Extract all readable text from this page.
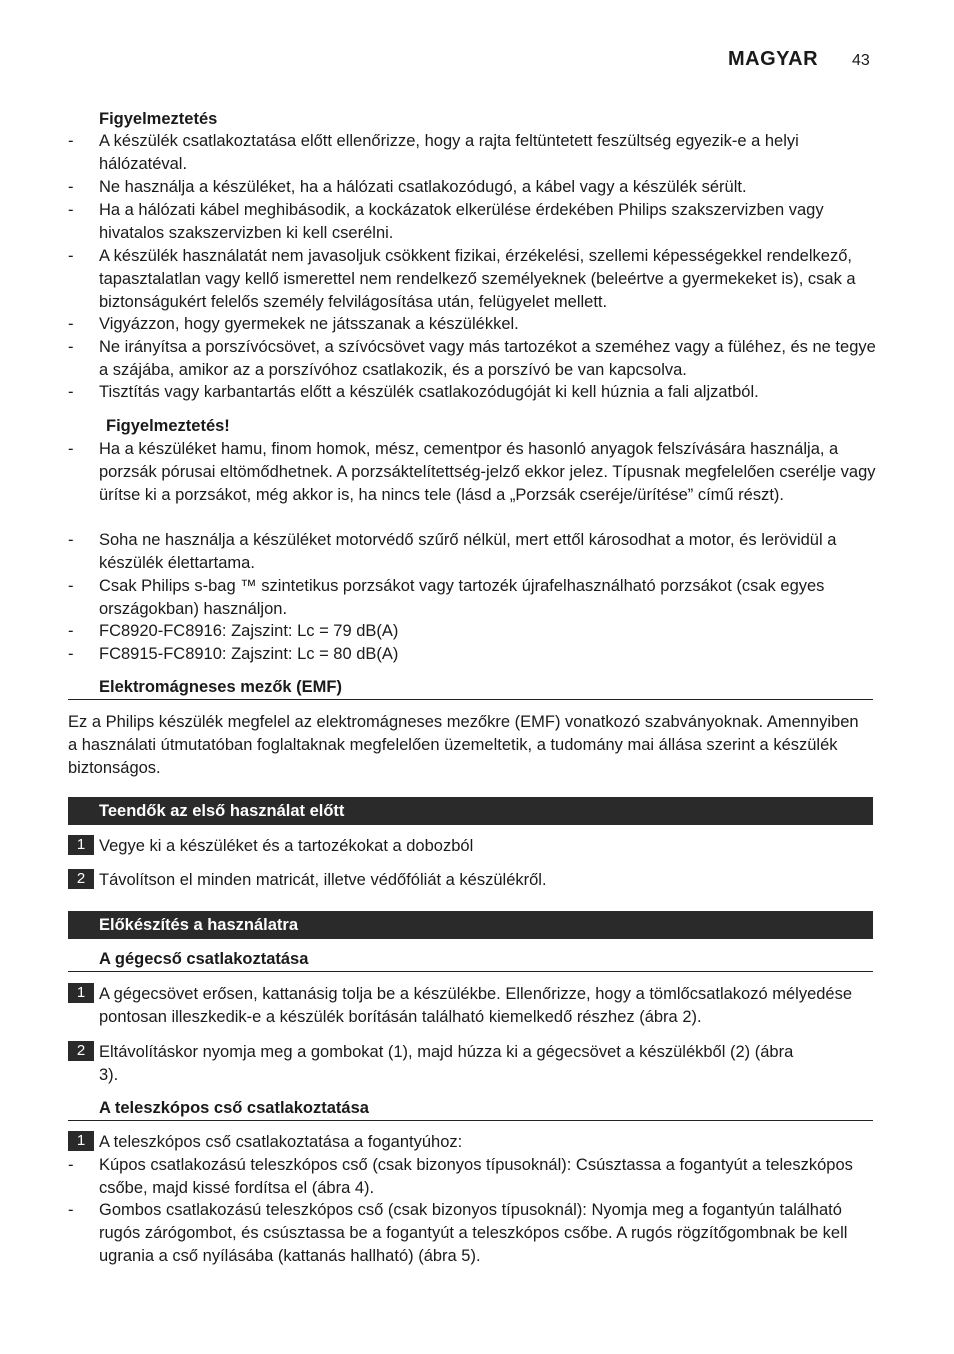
MAGYAR 43
Figyelmeztetés
- A készülék csatlakoztatása előtt ellenőrizze, hogy a rajta feltüntetett feszültség egyezik-e a helyi hálózatéval.
- Ne használja a készüléket, ha a hálózati csatlakozódugó, a kábel vagy a készülék sérült.
- Ha a hálózati kábel meghibásodik, a kockázatok elkerülése érdekében Philips szakszervizben vagy hivatalos szakszervizben ki kell cserélni.
- A készülék használatát nem javasoljuk csökkent fizikai, érzékelési, szellemi képességekkel rendelkező, tapasztalatlan vagy kellő ismerettel nem rendelkező személyeknek (beleértve a gyermekeket is), csak a biztonságukért felelős személy felvilágosítása után, felügyelet mellett.
- Vigyázzon, hogy gyermekek ne játsszanak a készülékkel.
- Ne irányítsa a porszívócsövet, a szívócsövet vagy más tartozékot a szeméhez vagy a füléhez, és ne tegye a szájába, amikor az a porszívóhoz csatlakozik, és a porszívó be van kapcsolva.
- Tisztítás vagy karbantartás előtt a készülék csatlakozódugóját ki kell húznia a fali aljzatból.
Figyelmeztetés!
- Ha a készüléket hamu, finom homok, mész, cementpor és hasonló anyagok felszívására használja, a porzsák pórusai eltömődhetnek. A porzsáktelítettség-jelző ekkor jelez. Típusnak megfelelően cserélje vagy ürítse ki a porzsákot, még akkor is, ha nincs tele (lásd a „Porzsák cseréje/ürítése” című részt).
- Soha ne használja a készüléket motorvédő szűrő nélkül, mert ettől károsodhat a motor, és lerövidül a készülék élettartama.
- Csak Philips s-bag ™ szintetikus porzsákot vagy tartozék újrafelhasználható porzsákot (csak egyes országokban) használjon.
- FC8920-FC8916: Zajszint: Lc = 79 dB(A)
- FC8915-FC8910: Zajszint: Lc = 80 dB(A)
Elektromágneses mezők (EMF)
Ez a Philips készülék megfelel az elektromágneses mezőkre (EMF) vonatkozó szabványoknak. Amennyiben a használati útmutatóban foglaltaknak megfelelően üzemeltetik, a tudomány mai állása szerint a készülék biztonságos.
Teendők az első használat előtt
1 Vegye ki a készüléket és a tartozékokat a dobozból
2 Távolítson el minden matricát, illetve védőfóliát a készülékről.
Előkészítés a használatra
A gégecső csatlakoztatása
1 A gégecsövet erősen, kattanásig tolja be a készülékbe. Ellenőrizze, hogy a tömlőcsatlakozó mélyedése pontosan illeszkedik-e a készülék borításán található kiemelkedő részhez (ábra 2).
2 Eltávolításkor nyomja meg a gombokat (1), majd húzza ki a gégecsövet a készülékből (2) (ábra 3).
A teleszkópos cső csatlakoztatása
1 A teleszkópos cső csatlakoztatása a fogantyúhoz:
- Kúpos csatlakozású teleszkópos cső (csak bizonyos típusoknál): Csúsztassa a fogantyút a teleszkópos csőbe, majd kissé fordítsa el (ábra 4).
- Gombos csatlakozású teleszkópos cső (csak bizonyos típusoknál): Nyomja meg a fogantyún található rugós zárógombot, és csúsztassa be a fogantyút a teleszkópos csőbe. A rugós rögzítőgombnak be kell ugrania a cső nyílásába (kattanás hallható) (ábra 5).
